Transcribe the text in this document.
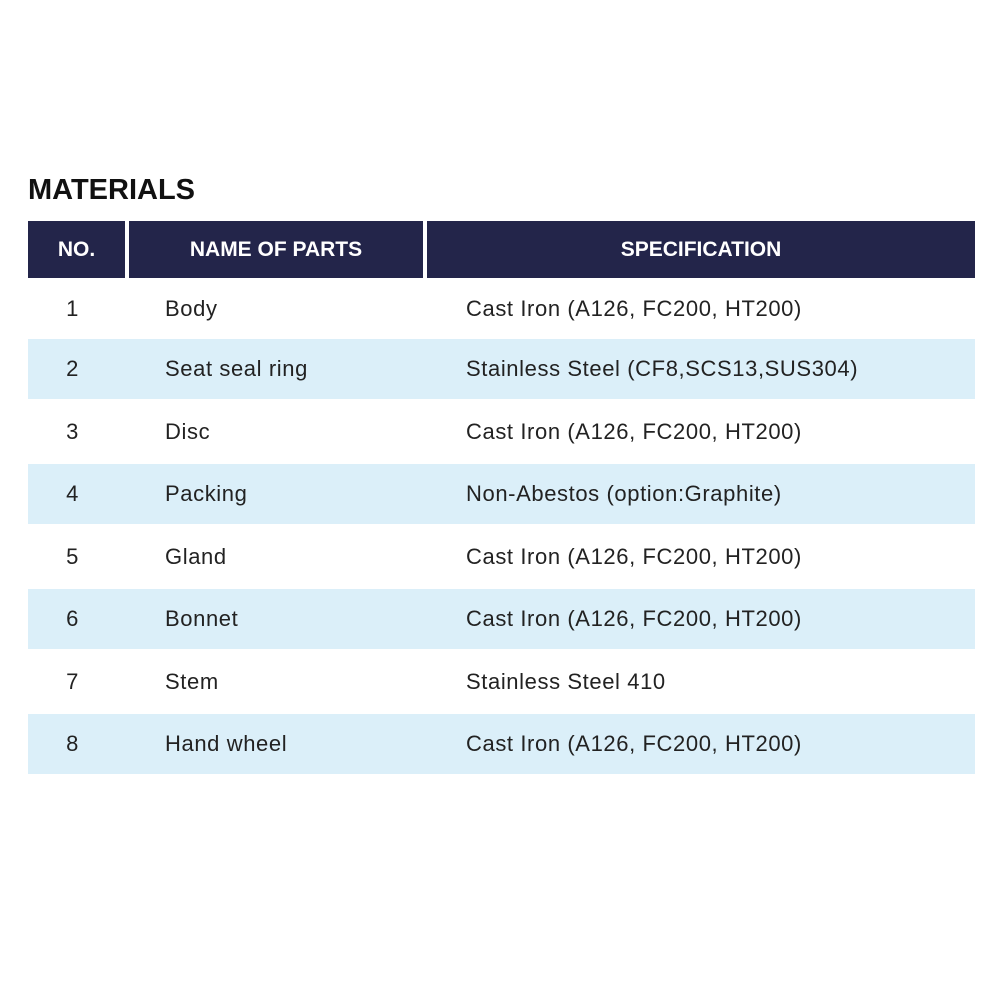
MATERIALS
NO.	NAME OF PARTS	SPECIFICATION
1	Body	Cast Iron (A126, FC200, HT200)
2	Seat seal ring	Stainless Steel (CF8,SCS13,SUS304)
3	Disc	Cast Iron (A126, FC200, HT200)
4	Packing	Non-Abestos (option:Graphite)
5	Gland	Cast Iron (A126, FC200, HT200)
6	Bonnet	Cast Iron (A126, FC200, HT200)
7	Stem	Stainless Steel 410
8	Hand wheel	Cast Iron (A126, FC200, HT200)
